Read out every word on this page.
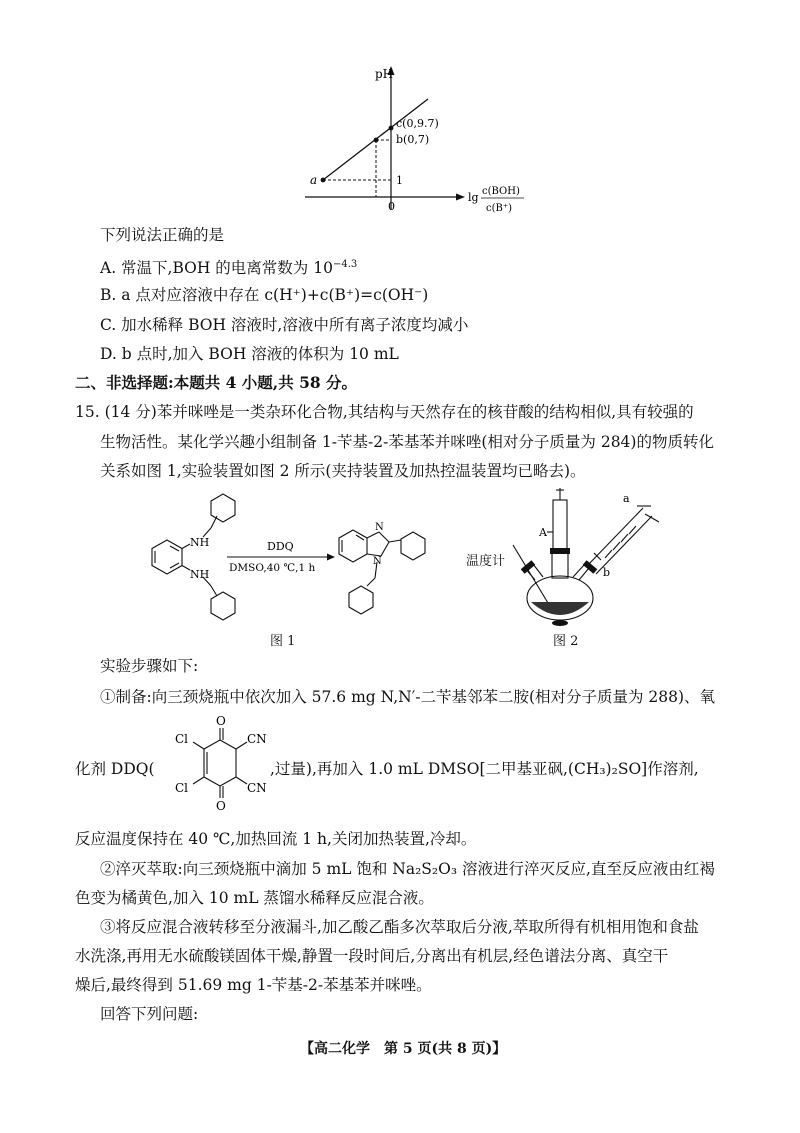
pH
a
b(0,7)
c(0,9.7)
1
0
lg c(BOH)
c(B⁺)
下列说法正确的是
A. 常温下,BOH 的电离常数为 $10^{-4.3}$
B. a 点对应溶液中存在 c(H⁺)+c(B⁺)=c(OH⁻)
C. 加水稀释 BOH 溶液时,溶液中所有离子浓度均减小
D. b 点时,加入 BOH 溶液的体积为 10 mL
二、非选择题:本题共 4 小题,共 58 分。
15. (14 分)苯并咪唑是一类杂环化合物,其结构与天然存在的核苷酸的结构相似,具有较强的
生物活性。某化学兴趣小组制备 1-苄基-2-苯基苯并咪唑(相对分子质量为 284)的物质转化
关系如图 1,实验装置如图 2 所示(夹持装置及加热控温装置均已略去)。
NH
NH
DDQ
DMSO,40 ℃,1 h
N
N
图 1
A
a
b
温度计
图 2
实验步骤如下:
①制备:向三颈烧瓶中依次加入 57.6 mg N,N′-二苄基邻苯二胺(相对分子质量为 288)、氧
化剂 DDQ(
O
O
Cl
Cl
CN
CN
,过量),再加入 1.0 mL DMSO[二甲基亚砜,(CH₃)₂SO]作溶剂,
反应温度保持在 40 ℃,加热回流 1 h,关闭加热装置,冷却。
②淬灭萃取:向三颈烧瓶中滴加 5 mL 饱和 Na₂S₂O₃ 溶液进行淬灭反应,直至反应液由红褐
色变为橘黄色,加入 10 mL 蒸馏水稀释反应混合液。
③将反应混合液转移至分液漏斗,加乙酸乙酯多次萃取后分液,萃取所得有机相用饱和食盐
水洗涤,再用无水硫酸镁固体干燥,静置一段时间后,分离出有机层,经色谱法分离、真空干
燥后,最终得到 51.69 mg 1-苄基-2-苯基苯并咪唑。
回答下列问题:
【高二化学　第 5 页(共 8 页)】
